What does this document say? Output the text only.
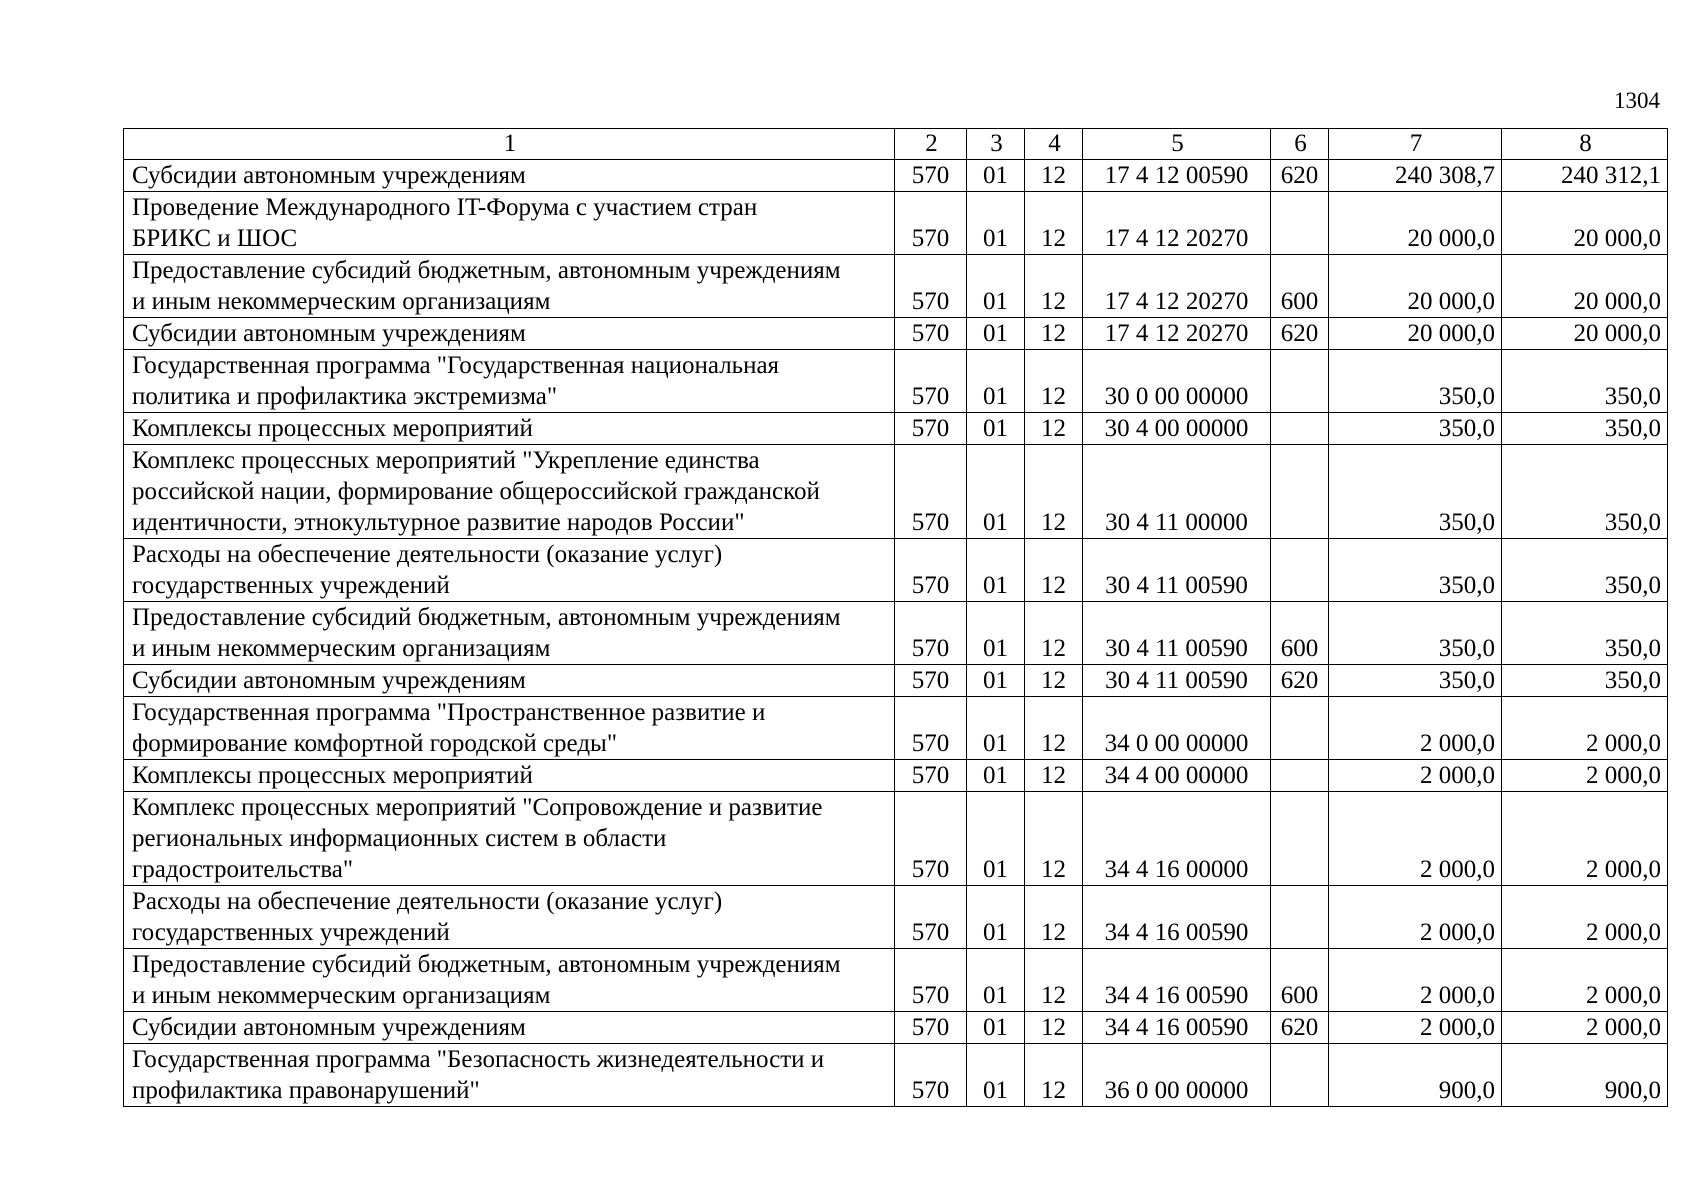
1304
1	2	3	4	5	6	7	8

Субсидии автономным учреждениям	570	01	12	17 4 12 00590	620	240 308,7	240 312,1

Проведение Международного IT-Форума с участием стран
БРИКС и ШОС	570	01	12	17 4 12 20270		20 000,0	20 000,0

Предоставление субсидий бюджетным, автономным учреждениям
и иным некоммерческим организациям	570	01	12	17 4 12 20270	600	20 000,0	20 000,0

Субсидии автономным учреждениям	570	01	12	17 4 12 20270	620	20 000,0	20 000,0

Государственная программа "Государственная национальная
политика и профилактика экстремизма"	570	01	12	30 0 00 00000		350,0	350,0

Комплексы процессных мероприятий	570	01	12	30 4 00 00000		350,0	350,0

Комплекс процессных мероприятий "Укрепление единства
российской нации, формирование общероссийской гражданской
идентичности, этнокультурное развитие народов России"	570	01	12	30 4 11 00000		350,0	350,0

Расходы на обеспечение деятельности (оказание услуг)
государственных учреждений	570	01	12	30 4 11 00590		350,0	350,0

Предоставление субсидий бюджетным, автономным учреждениям
и иным некоммерческим организациям	570	01	12	30 4 11 00590	600	350,0	350,0

Субсидии автономным учреждениям	570	01	12	30 4 11 00590	620	350,0	350,0

Государственная программа "Пространственное развитие и
формирование комфортной городской среды"	570	01	12	34 0 00 00000		2 000,0	2 000,0

Комплексы процессных мероприятий	570	01	12	34 4 00 00000		2 000,0	2 000,0

Комплекс процессных мероприятий "Сопровождение и развитие
региональных информационных систем в области
градостроительства"	570	01	12	34 4 16 00000		2 000,0	2 000,0

Расходы на обеспечение деятельности (оказание услуг)
государственных учреждений	570	01	12	34 4 16 00590		2 000,0	2 000,0

Предоставление субсидий бюджетным, автономным учреждениям
и иным некоммерческим организациям	570	01	12	34 4 16 00590	600	2 000,0	2 000,0

Субсидии автономным учреждениям	570	01	12	34 4 16 00590	620	2 000,0	2 000,0

Государственная программа "Безопасность жизнедеятельности и
профилактика правонарушений"	570	01	12	36 0 00 00000		900,0	900,0
